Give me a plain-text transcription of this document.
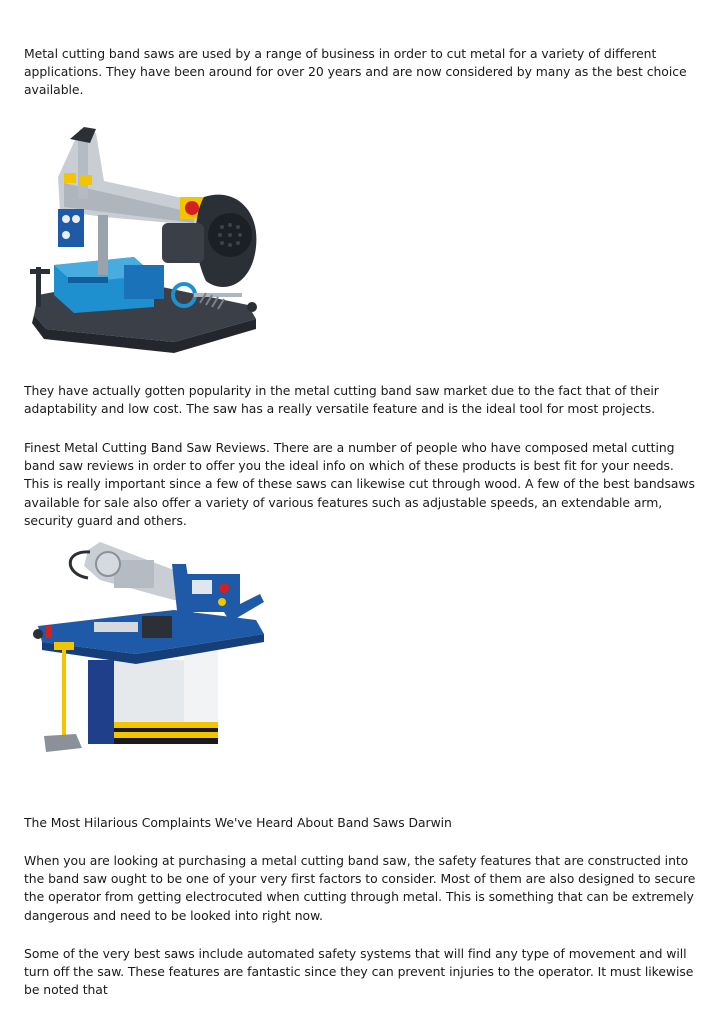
Metal cutting band saws are used by a range of business in order to cut metal for a variety of different applications. They have been around for over 20 years and are now considered by many as the best choice available.

They have actually gotten popularity in the metal cutting band saw market due to the fact that of their adaptability and low cost. The saw has a really versatile feature and is the ideal tool for most projects.

Finest Metal Cutting Band Saw Reviews. There are a number of people who have composed metal cutting band saw reviews in order to offer you the ideal info on which of these products is best fit for your needs. This is really important since a few of these saws can likewise cut through wood. A few of the best bandsaws available for sale also offer a variety of various features such as adjustable speeds, an extendable arm, security guard and others.

The Most Hilarious Complaints We've Heard About Band Saws Darwin

When you are looking at purchasing a metal cutting band saw, the safety features that are constructed into the band saw ought to be one of your very first factors to consider. Most of them are also designed to secure the operator from getting electrocuted when cutting through metal. This is something that can be extremely dangerous and need to be looked into right now.

Some of the very best saws include automated safety systems that will find any type of movement and will turn off the saw. These features are fantastic since they can prevent injuries to the operator. It must likewise be noted that
